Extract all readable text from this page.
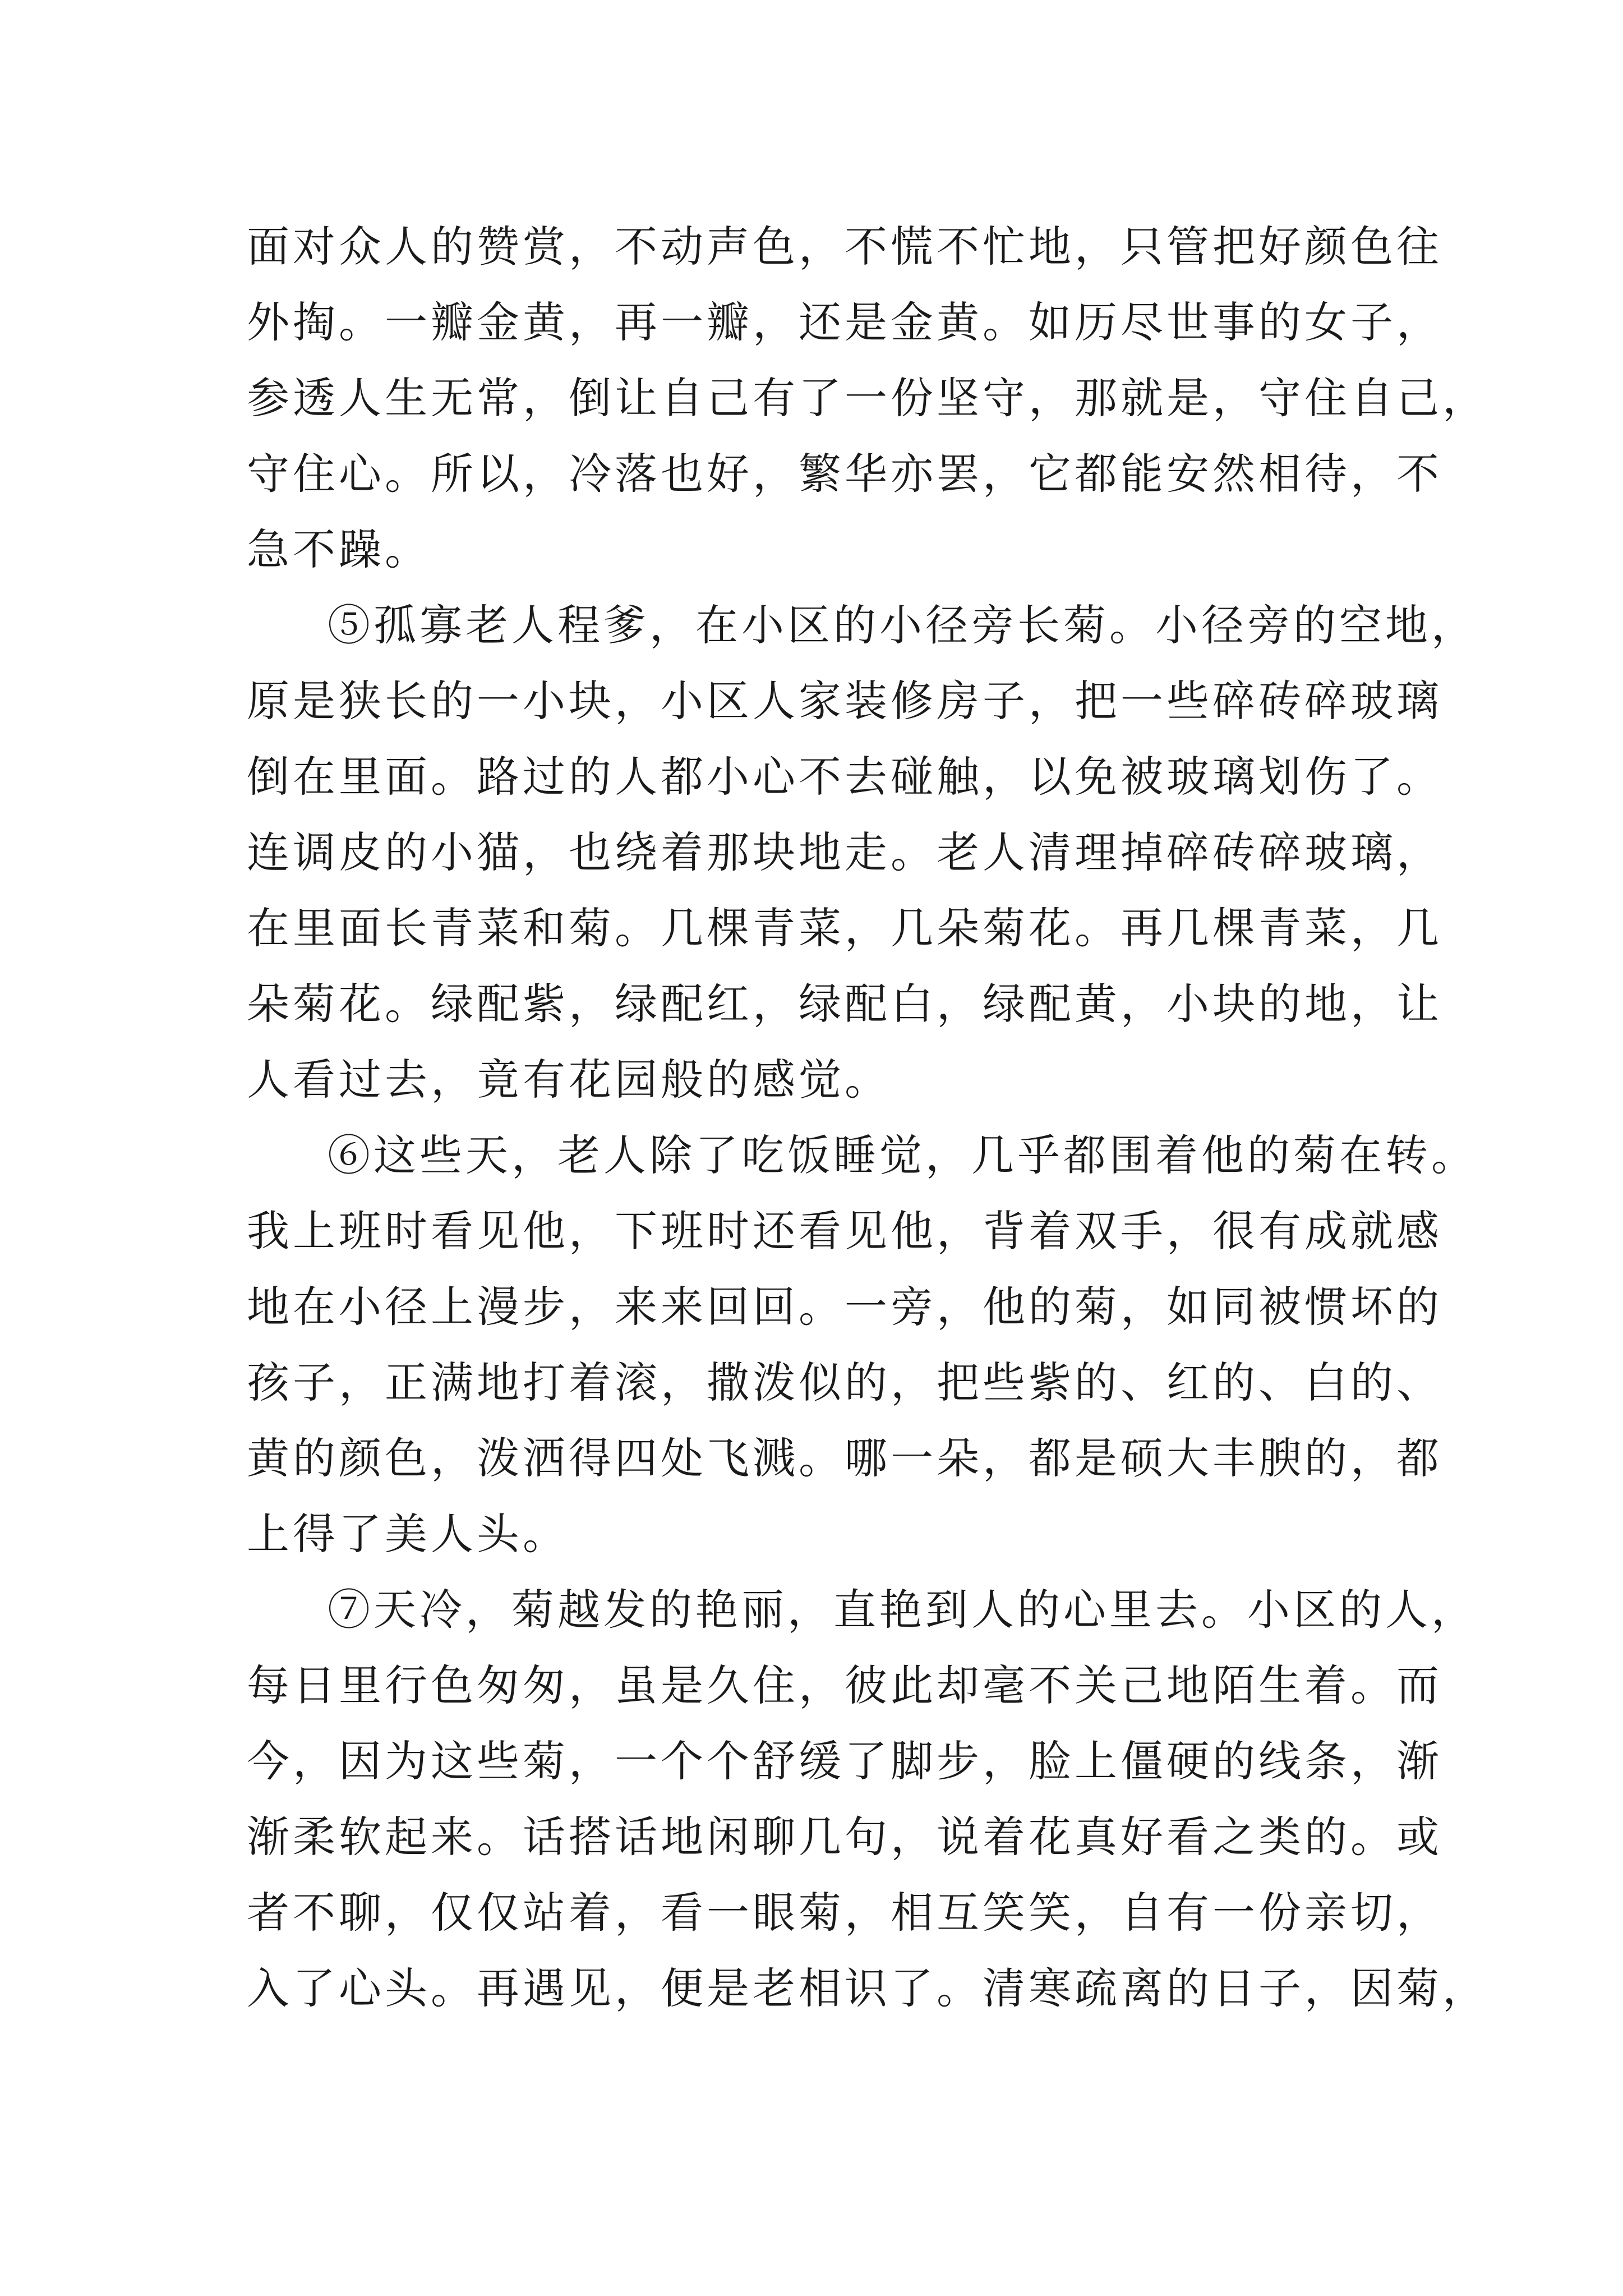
面对众人的赞赏，不动声色，不慌不忙地，只管把好颜色往
外掏。一瓣金黄，再一瓣，还是金黄。如历尽世事的女子，
参透人生无常，倒让自己有了一份坚守，那就是，守住自己，
守住心。所以，冷落也好，繁华亦罢，它都能安然相待，不
急不躁。
⑤孤寡老人程爹，在小区的小径旁长菊。小径旁的空地，
原是狭长的一小块，小区人家装修房子，把一些碎砖碎玻璃
倒在里面。路过的人都小心不去碰触，以免被玻璃划伤了。
连调皮的小猫，也绕着那块地走。老人清理掉碎砖碎玻璃，
在里面长青菜和菊。几棵青菜，几朵菊花。再几棵青菜，几
朵菊花。绿配紫，绿配红，绿配白，绿配黄，小块的地，让
人看过去，竟有花园般的感觉。
⑥这些天，老人除了吃饭睡觉，几乎都围着他的菊在转。
我上班时看见他，下班时还看见他，背着双手，很有成就感
地在小径上漫步，来来回回。一旁，他的菊，如同被惯坏的
孩子，正满地打着滚，撒泼似的，把些紫的、红的、白的、
黄的颜色，泼洒得四处飞溅。哪一朵，都是硕大丰腴的，都
上得了美人头。
⑦天冷，菊越发的艳丽，直艳到人的心里去。小区的人，
每日里行色匆匆，虽是久住，彼此却毫不关己地陌生着。而
今，因为这些菊，一个个舒缓了脚步，脸上僵硬的线条，渐
渐柔软起来。话搭话地闲聊几句，说着花真好看之类的。或
者不聊，仅仅站着，看一眼菊，相互笑笑，自有一份亲切，
入了心头。再遇见，便是老相识了。清寒疏离的日子，因菊，
